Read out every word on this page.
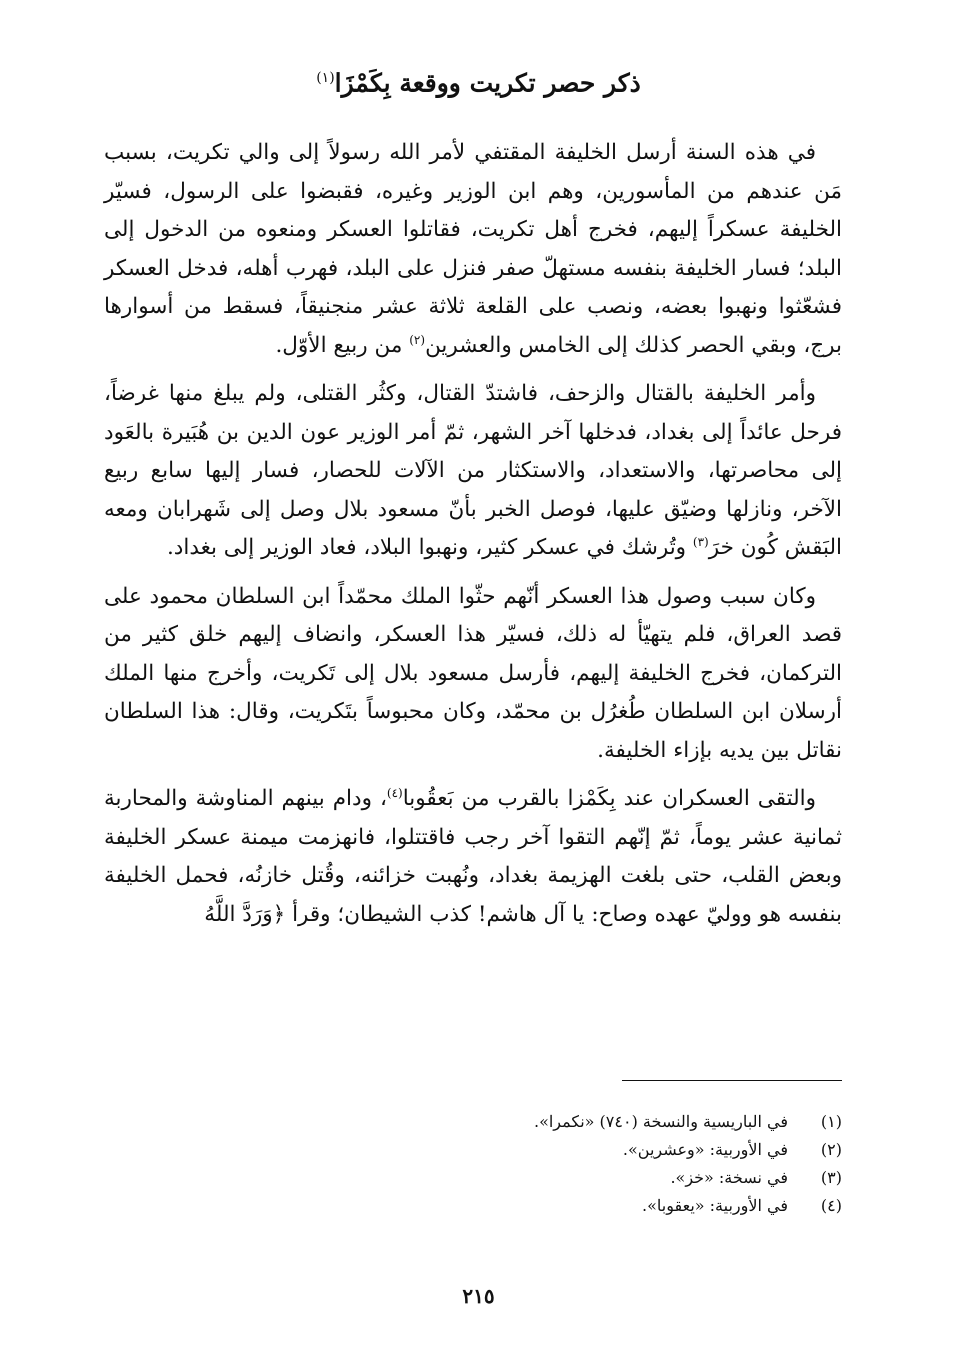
ذكر حصر تكريت ووقعة بِكَمْزَا$^{(١)}$

في هذه السنة أرسل الخليفة المقتفي لأمر الله رسولاً إلى والي تكريت، بسبب مَن عندهم من المأسورين، وهم ابن الوزير وغيره، فقبضوا على الرسول، فسيّر الخليفة عسكراً إليهم، فخرج أهل تكريت، فقاتلوا العسكر ومنعوه من الدخول إلى البلد؛ فسار الخليفة بنفسه مستهلّ صفر فنزل على البلد، فهرب أهله، فدخل العسكر فشعّثوا ونهبوا بعضه، ونصب على القلعة ثلاثة عشر منجنيقاً، فسقط من أسوارها برج، وبقي الحصر كذلك إلى الخامس والعشرين$^{(٢)}$ من ربيع الأوّل.

وأمر الخليفة بالقتال والزحف، فاشتدّ القتال، وكثُر القتلى، ولم يبلغ منها غرضاً، فرحل عائداً إلى بغداد، فدخلها آخر الشهر، ثمّ أمر الوزير عون الدين بن هُبَيرة بالعَود إلى محاصرتها، والاستعداد، والاستكثار من الآلات للحصار، فسار إليها سابع ربيع الآخر، ونازلها وضيّق عليها، فوصل الخبر بأنّ مسعود بلال وصل إلى شَهرابان ومعه البَقش كُون خرَ$^{(٣)}$ وتُرشك في عسكر كثير، ونهبوا البلاد، فعاد الوزير إلى بغداد.

وكان سبب وصول هذا العسكر أنّهم حثّوا الملك محمّداً ابن السلطان محمود على قصد العراق، فلم يتهيّأ له ذلك، فسيّر هذا العسكر، وانضاف إليهم خلق كثير من التركمان، فخرج الخليفة إليهم، فأرسل مسعود بلال إلى تَكريت، وأخرج منها الملك أرسلان ابن السلطان طُغرُل بن محمّد، وكان محبوساً بتَكريت، وقال: هذا السلطان نقاتل بين يديه بإزاء الخليفة.

والتقى العسكران عند بِكَمْزا بالقرب من بَعقُوبا$^{(٤)}$، ودام بينهم المناوشة والمحاربة ثمانية عشر يوماً، ثمّ إنّهم التقوا آخر رجب فاقتتلوا، فانهزمت ميمنة عسكر الخليفة وبعض القلب، حتى بلغت الهزيمة بغداد، ونُهبت خزائنه، وقُتل خازنُه، فحمل الخليفة بنفسه هو ووليّ عهده وصاح: يا آل هاشم! كذب الشيطان؛ وقرأ ﴿وَرَدَّ اللَّهُ

(١)
في الباريسية والنسخة (٧٤٠) «نكمرا».
(٢)
في الأوربية: «وعشرين».
(٣)
في نسخة: «خز».
(٤)
في الأوربية: «يعقوبا».
٢١٥
